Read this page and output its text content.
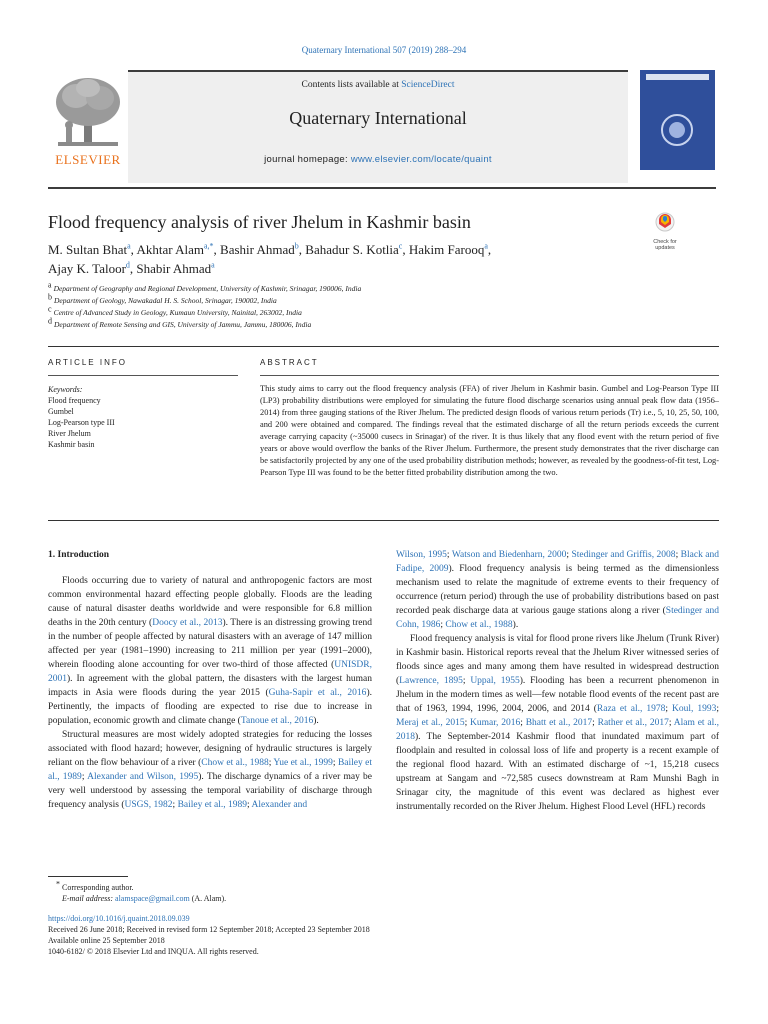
Quaternary International 507 (2019) 288–294
ELSEVIER
Contents lists available at ScienceDirect
Quaternary International
journal homepage: www.elsevier.com/locate/quaint
Flood frequency analysis of river Jhelum in Kashmir basin
Check for
updates
M. Sultan Bhat$^a$, Akhtar Alam$^{a,*}$, Bashir Ahmad$^b$, Bahadur S. Kotlia$^c$, Hakim Farooq$^a$,
Ajay K. Taloor$^d$, Shabir Ahmad$^a$
$^a$ Department of Geography and Regional Development, University of Kashmir, Srinagar, 190006, India
$^b$ Department of Geology, Nawakadal H. S. School, Srinagar, 190002, India
$^c$ Centre of Advanced Study in Geology, Kumaun University, Nainital, 263002, India
$^d$ Department of Remote Sensing and GIS, University of Jammu, Jammu, 180006, India
ARTICLE INFO
Keywords:
Flood frequency
Gumbel
Log-Pearson type III
River Jhelum
Kashmir basin
ABSTRACT
This study aims to carry out the flood frequency analysis (FFA) of river Jhelum in Kashmir basin. Gumbel and Log-Pearson Type III (LP3) probability distributions were employed for simulating the future flood discharge scenarios using annual peak flow data (1956–2014) from three gauging stations of the River Jhelum. The predicted design floods of various return periods (Tr) i.e., 5, 10, 25, 50, 100, and 200 were obtained and compared. The findings reveal that the estimated discharge of all the return periods exceeds the current average carrying capacity (~35000 cusecs in Srinagar) of the river. It is thus likely that any flood event with the return period of five years or above would overflow the banks of the River Jhelum. Furthermore, the present study demonstrates that the river discharge can be satisfactorily projected by any one of the used probability distribution methods; however, as revealed by the goodness-of-fit test, Log-Pearson Type III was found to be the better fitted probability distribution among the two.
1. Introduction

Floods occurring due to variety of natural and anthropogenic factors are most common environmental hazard effecting people globally. Floods are the leading cause of natural disaster deaths worldwide and were responsible for 6.8 million deaths in the 20th century (Doocy et al., 2013). There is an distressing growing trend in the number of people affected by natural disasters with an average of 147 million affected per year (1981–1990) increasing to 211 million per year (1991–2000), wherein flooding alone accounting for over two-third of those affected (UNISDR, 2001). In agreement with the global pattern, the disasters with the largest human impacts in Asia were floods during the year 2015 (Guha-Sapir et al., 2016). Pertinently, the impacts of flooding are expected to rise due to increase in population, economic growth and climate change (Tanoue et al., 2016).

Structural measures are most widely adopted strategies for reducing the losses associated with flood hazard; however, designing of hydraulic structures is largely reliant on the flow behaviour of a river (Chow et al., 1988; Yue et al., 1999; Bailey et al., 1989; Alexander and Wilson, 1995). The discharge dynamics of a river may be very well understood by assessing the temporal variability of discharge through frequency analysis (USGS, 1982; Bailey et al., 1989; Alexander and

Wilson, 1995; Watson and Biedenharn, 2000; Stedinger and Griffis, 2008; Black and Fadipe, 2009). Flood frequency analysis is being termed as the dimensionless mechanism used to relate the magnitude of extreme events to their frequency of occurrence (return period) through the use of probability distributions based on past recorded peak discharge data at various gauge stations along a river (Stedinger and Cohn, 1986; Chow et al., 1988).

Flood frequency analysis is vital for flood prone rivers like Jhelum (Trunk River) in Kashmir basin. Historical reports reveal that the Jhelum River witnessed series of floods since ages and many among them have resulted in widespread destruction (Lawrence, 1895; Uppal, 1955). Flooding has been a recurrent phenomenon in Jhelum in the modern times as well—few notable flood events of the recent past are that of 1963, 1994, 1996, 2004, 2006, and 2014 (Raza et al., 1978; Koul, 1993; Meraj et al., 2015; Kumar, 2016; Bhatt et al., 2017; Rather et al., 2017; Alam et al., 2018). The September-2014 Kashmir flood that inundated maximum part of floodplain and resulted in colossal loss of life and property is a recent example of the regional flood hazard. With an estimated discharge of ~1, 15,218 cusecs upstream at Sangam and ~72,585 cusecs downstream at Ram Munshi Bagh in Srinagar city, the magnitude of this event was declared as highest ever instrumentally recorded on the River Jhelum. Highest Flood Level (HFL) records

* Corresponding author.
E-mail address: alamspace@gmail.com (A. Alam).
https://doi.org/10.1016/j.quaint.2018.09.039
Received 26 June 2018; Received in revised form 12 September 2018; Accepted 23 September 2018
Available online 25 September 2018
1040-6182/ © 2018 Elsevier Ltd and INQUA. All rights reserved.
